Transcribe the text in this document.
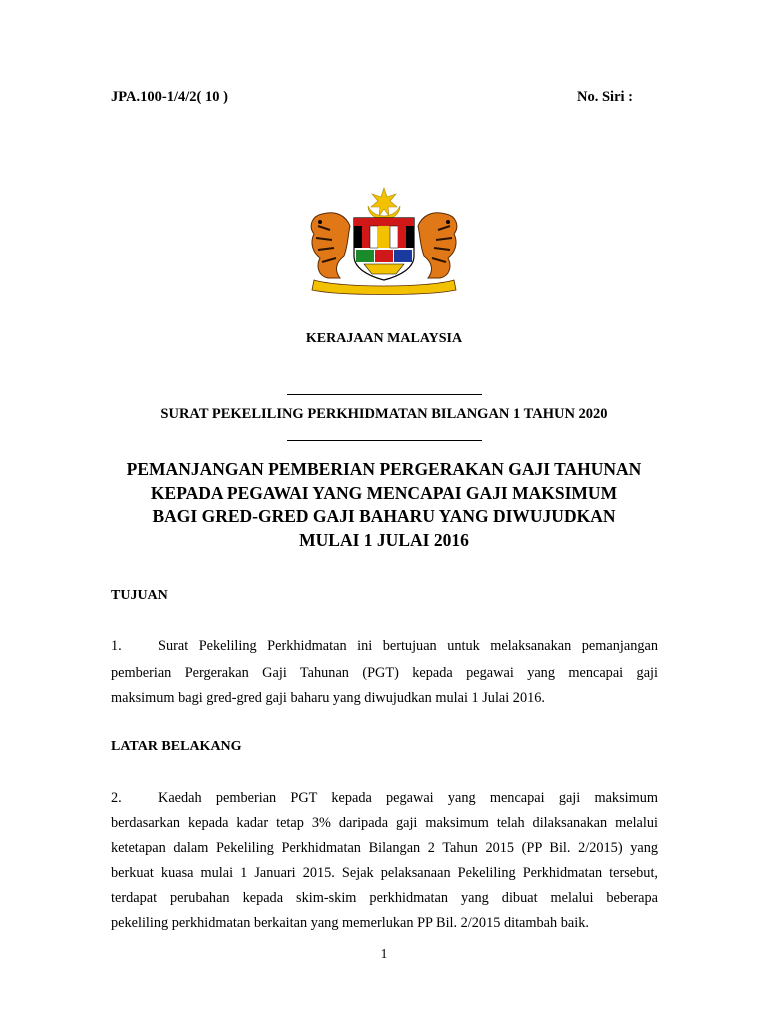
JPA.100-1/4/2( 10 )	No. Siri :
KERAJAAN MALAYSIA
SURAT PEKELILING PERKHIDMATAN BILANGAN 1 TAHUN 2020
PEMANJANGAN PEMBERIAN PERGERAKAN GAJI TAHUNAN
KEPADA PEGAWAI YANG MENCAPAI GAJI MAKSIMUM
BAGI GRED-GRED GAJI BAHARU YANG DIWUJUDKAN
MULAI 1 JULAI 2016
TUJUAN
1.	Surat Pekeliling Perkhidmatan ini bertujuan untuk melaksanakan pemanjangan
pemberian Pergerakan Gaji Tahunan (PGT) kepada pegawai yang mencapai gaji
maksimum bagi gred-gred gaji baharu yang diwujudkan mulai 1 Julai 2016.
LATAR BELAKANG
2.	Kaedah pemberian PGT kepada pegawai yang mencapai gaji maksimum
berdasarkan kepada kadar tetap 3% daripada gaji maksimum telah dilaksanakan melalui
ketetapan dalam Pekeliling Perkhidmatan Bilangan 2 Tahun 2015 (PP Bil. 2/2015) yang
berkuat kuasa mulai 1 Januari 2015. Sejak pelaksanaan Pekeliling Perkhidmatan tersebut,
terdapat perubahan kepada skim-skim perkhidmatan yang dibuat melalui beberapa
pekeliling perkhidmatan berkaitan yang memerlukan PP Bil. 2/2015 ditambah baik.
1
